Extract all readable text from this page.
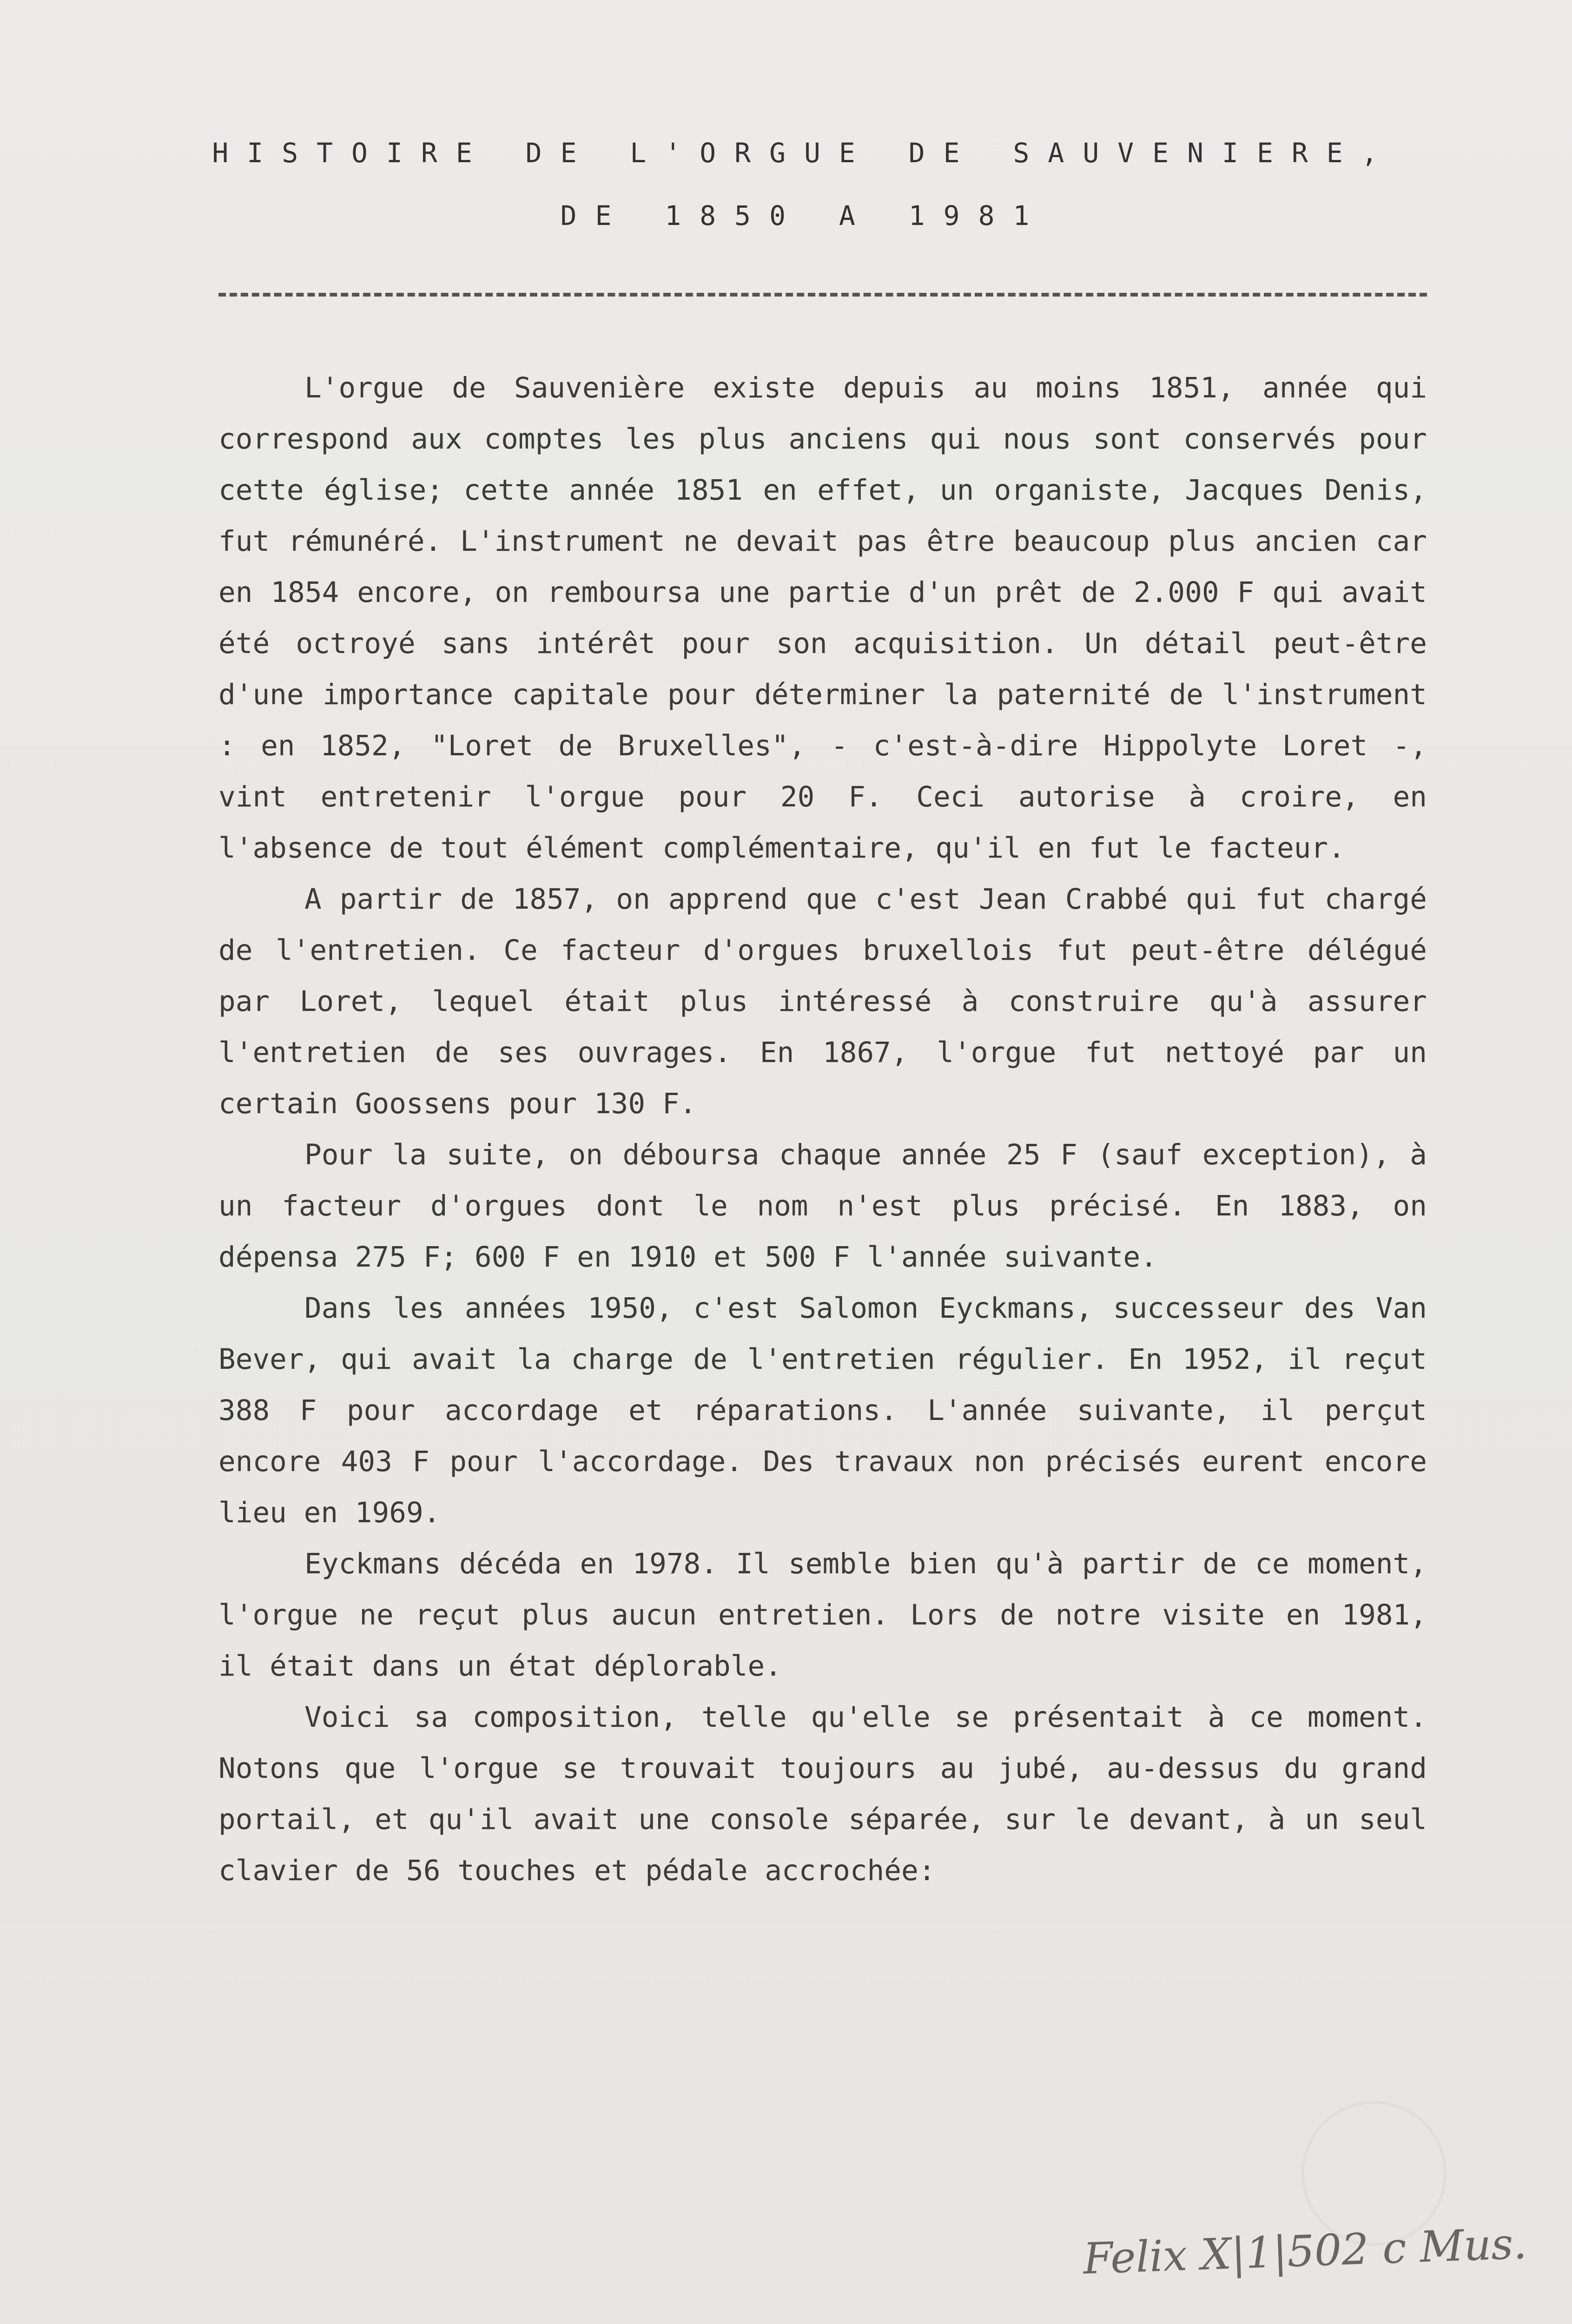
HISTOIRE DE L'ORGUE DE SAUVENIERE,
DE 1850 A 1981

L'orgue de Sauvenière existe depuis au moins 1851, année qui correspond aux comptes les plus anciens qui nous sont conservés pour cette église; cette année 1851 en effet, un organiste, Jacques Denis, fut rémunéré. L'instrument ne devait pas être beaucoup plus ancien car en 1854 encore, on remboursa une partie d'un prêt de 2.000 F qui avait été octroyé sans intérêt pour son acquisition. Un détail peut-être d'une importance capitale pour déterminer la paternité de l'instrument : en 1852, "Loret de Bruxelles", - c'est-à-dire Hippolyte Loret -, vint entretenir l'orgue pour 20 F. Ceci autorise à croire, en l'absence de tout élément complémentaire, qu'il en fut le facteur.

A partir de 1857, on apprend que c'est Jean Crabbé qui fut chargé de l'entretien. Ce facteur d'orgues bruxellois fut peut-être délégué par Loret, lequel était plus intéressé à construire qu'à assurer l'entretien de ses ouvrages. En 1867, l'orgue fut nettoyé par un certain Goossens pour 130 F.

Pour la suite, on déboursa chaque année 25 F (sauf exception), à un facteur d'orgues dont le nom n'est plus précisé. En 1883, on dépensa 275 F; 600 F en 1910 et 500 F l'année suivante.

Dans les années 1950, c'est Salomon Eyckmans, successeur des Van Bever, qui avait la charge de l'entretien régulier. En 1952, il reçut 388 F pour accordage et réparations. L'année suivante, il perçut encore 403 F pour l'accordage. Des travaux non précisés eurent encore lieu en 1969.

Eyckmans décéda en 1978. Il semble bien qu'à partir de ce moment, l'orgue ne reçut plus aucun entretien. Lors de notre visite en 1981, il était dans un état déplorable.

Voici sa composition, telle qu'elle se présentait à ce moment. Notons que l'orgue se trouvait toujours au jubé, au-dessus du grand portail, et qu'il avait une console séparée, sur le devant, à un seul clavier de 56 touches et pédale accrochée:

Felix X|1|502 c Mus.
